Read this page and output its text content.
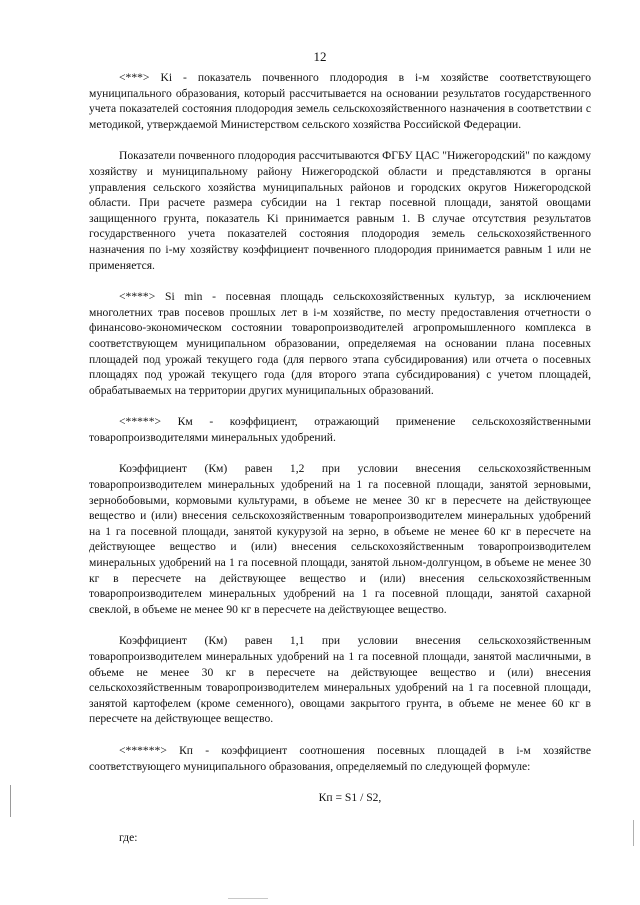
12

<***> Ki - показатель почвенного плодородия в i-м хозяйстве соответствующего муниципального образования, который рассчитывается на основании результатов государственного учета показателей состояния плодородия земель сельскохозяйственного назначения в соответствии с методикой, утверждаемой Министерством сельского хозяйства Российской Федерации.

Показатели почвенного плодородия рассчитываются ФГБУ ЦАС "Нижегородский" по каждому хозяйству и муниципальному району Нижегородской области и представляются в органы управления сельского хозяйства муниципальных районов и городских округов Нижегородской области. При расчете размера субсидии на 1 гектар посевной площади, занятой овощами защищенного грунта, показатель Ki принимается равным 1. В случае отсутствия результатов государственного учета показателей состояния плодородия земель сельскохозяйственного назначения по i-му хозяйству коэффициент почвенного плодородия принимается равным 1 или не применяется.

<****> Si min - посевная площадь сельскохозяйственных культур, за исключением многолетних трав посевов прошлых лет в i-м хозяйстве, по месту предоставления отчетности о финансово-экономическом состоянии товаропроизводителей агропромышленного комплекса в соответствующем муниципальном образовании, определяемая на основании плана посевных площадей под урожай текущего года (для первого этапа субсидирования) или отчета о посевных площадях под урожай текущего года (для второго этапа субсидирования) с учетом площадей, обрабатываемых на территории других муниципальных образований.

<*****> Км - коэффициент, отражающий применение сельскохозяйственными товаропроизводителями минеральных удобрений.

Коэффициент (Км) равен 1,2 при условии внесения сельскохозяйственным товаропроизводителем минеральных удобрений на 1 га посевной площади, занятой зерновыми, зернобобовыми, кормовыми культурами, в объеме не менее 30 кг в пересчете на действующее вещество и (или) внесения сельскохозяйственным товаропроизводителем минеральных удобрений на 1 га посевной площади, занятой кукурузой на зерно, в объеме не менее 60 кг в пересчете на действующее вещество и (или) внесения сельскохозяйственным товаропроизводителем минеральных удобрений на 1 га посевной площади, занятой льном-долгунцом, в объеме не менее 30 кг в пересчете на действующее вещество и (или) внесения сельскохозяйственным товаропроизводителем минеральных удобрений на 1 га посевной площади, занятой сахарной свеклой, в объеме не менее 90 кг в пересчете на действующее вещество.

Коэффициент (Км) равен 1,1 при условии внесения сельскохозяйственным товаропроизводителем минеральных удобрений на 1 га посевной площади, занятой масличными, в объеме не менее 30 кг в пересчете на действующее вещество и (или) внесения сельскохозяйственным товаропроизводителем минеральных удобрений на 1 га посевной площади, занятой картофелем (кроме семенного), овощами закрытого грунта, в объеме не менее 60 кг в пересчете на действующее вещество.

<******> Кп - коэффициент соотношения посевных площадей в i-м хозяйстве соответствующего муниципального образования, определяемый по следующей формуле:

Кп = S1 / S2,

где:
